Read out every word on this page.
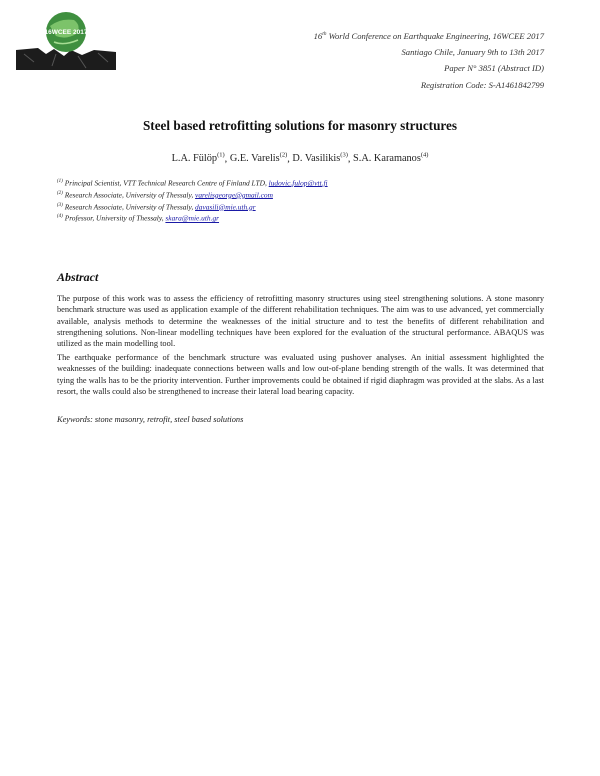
16WCEE 2017	16th World Conference on Earthquake Engineering, 16WCEE 2017
Santiago Chile, January 9th to 13th 2017
Paper N° 3851 (Abstract ID)
Registration Code: S-A1461842799
Steel based retrofitting solutions for masonry structures
L.A. Fülöp$^{(1)}$, G.E. Varelis$^{(2)}$, D. Vasilikis$^{(3)}$, S.A. Karamanos$^{(4)}$
$^{(1)}$ Principal Scientist, VTT Technical Research Centre of Finland LTD, ludovic.fulop@vtt.fi
$^{(2)}$ Research Associate, University of Thessaly, varelisgeorge@gmail.com
$^{(3)}$ Research Associate, University of Thessaly, davasili@mie.uth.gr
$^{(4)}$ Professor, University of Thessaly, skara@mie.uth.gr
Abstract
The purpose of this work was to assess the efficiency of retrofitting masonry structures using steel strengthening solutions. A stone masonry benchmark structure was used as application example of the different rehabilitation techniques. The aim was to use advanced, yet commercially available, analysis methods to determine the weaknesses of the initial structure and to test the benefits of different rehabilitation and strengthening solutions. Non-linear modelling techniques have been explored for the evaluation of the structural performance. ABAQUS was utilized as the main modelling tool.
The earthquake performance of the benchmark structure was evaluated using pushover analyses. An initial assessment highlighted the weaknesses of the building: inadequate connections between walls and low out-of-plane bending strength of the walls. It was determined that tying the walls has to be the priority intervention. Further improvements could be obtained if rigid diaphragm was provided at the slabs. As a last resort, the walls could also be strengthened to increase their lateral load bearing capacity.
Keywords: stone masonry, retrofit, steel based solutions
